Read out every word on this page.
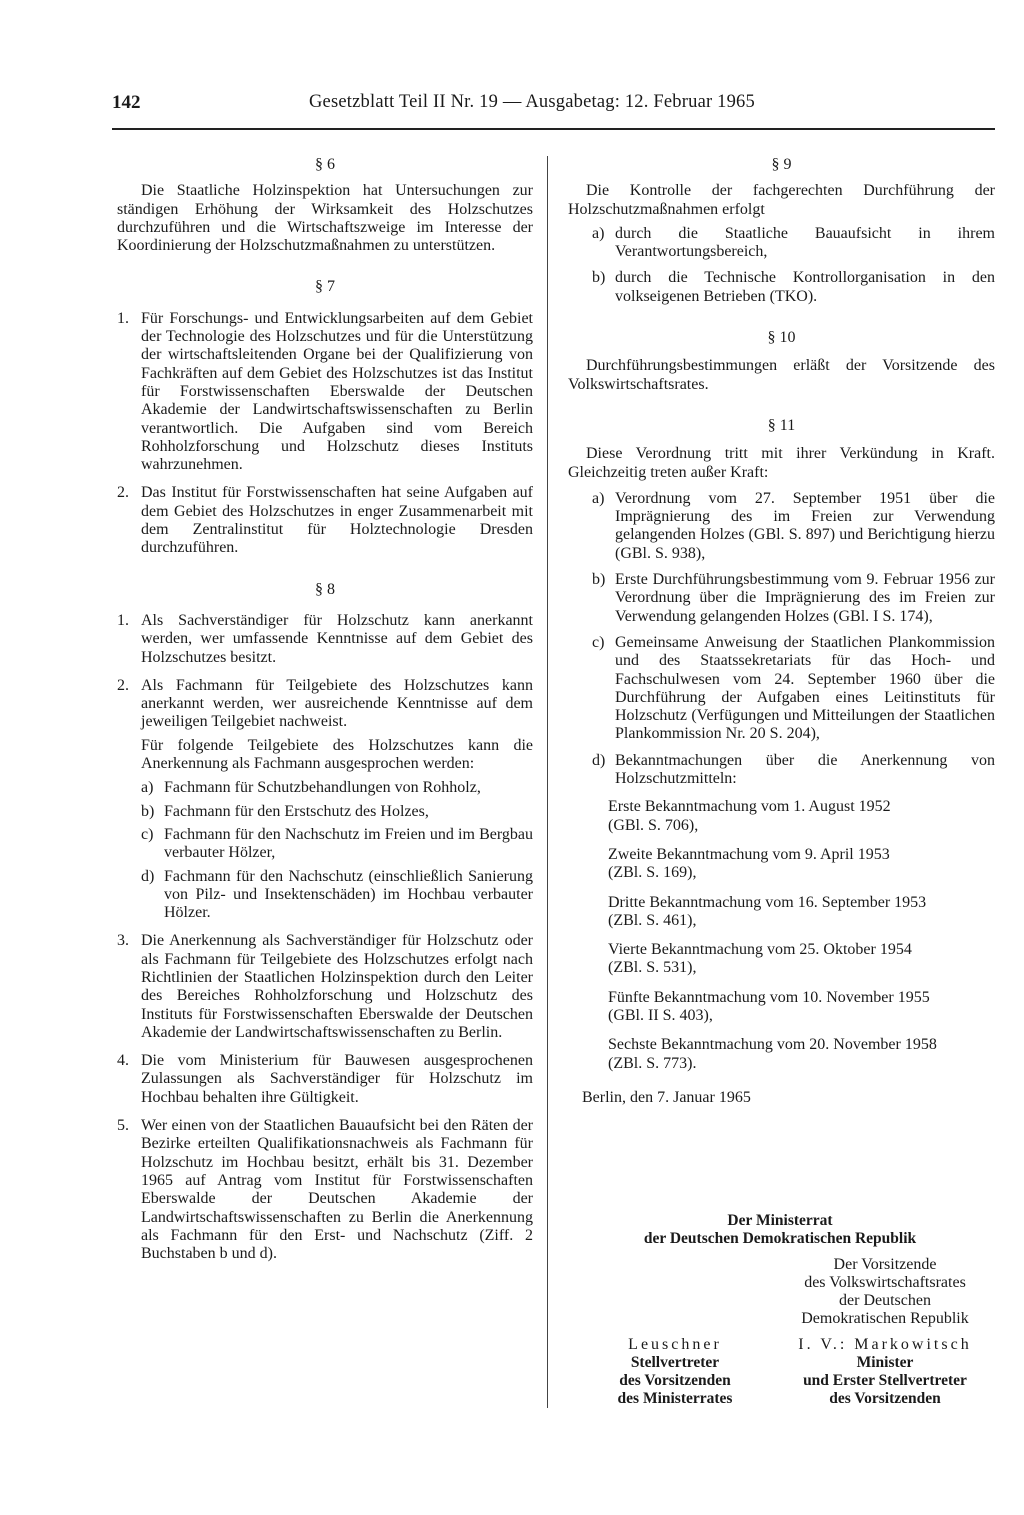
142	Gesetzblatt Teil II Nr. 19 — Ausgabetag: 12. Februar 1965

§ 6

Die Staatliche Holzinspektion hat Untersuchungen zur ständigen Erhöhung der Wirksamkeit des Holzschutzes durchzuführen und die Wirtschaftszweige im Interesse der Koordinierung der Holzschutzmaßnahmen zu unterstützen.

§ 7

1. Für Forschungs- und Entwicklungsarbeiten auf dem Gebiet der Technologie des Holzschutzes und für die Unterstützung der wirtschaftsleitenden Organe bei der Qualifizierung von Fachkräften auf dem Gebiet des Holzschutzes ist das Institut für Forstwissenschaften Eberswalde der Deutschen Akademie der Landwirtschaftswissenschaften zu Berlin verantwortlich. Die Aufgaben sind vom Bereich Rohholzforschung und Holzschutz dieses Instituts wahrzunehmen.
2. Das Institut für Forstwissenschaften hat seine Aufgaben auf dem Gebiet des Holzschutzes in enger Zusammenarbeit mit dem Zentralinstitut für Holztechnologie Dresden durchzuführen.

§ 8

1. Als Sachverständiger für Holzschutz kann anerkannt werden, wer umfassende Kenntnisse auf dem Gebiet des Holzschutzes besitzt.
2. Als Fachmann für Teilgebiete des Holzschutzes kann anerkannt werden, wer ausreichende Kenntnisse auf dem jeweiligen Teilgebiet nachweist.

Für folgende Teilgebiete des Holzschutzes kann die Anerkennung als Fachmann ausgesprochen werden:

a) Fachmann für Schutzbehandlungen von Rohholz,
b) Fachmann für den Erstschutz des Holzes,
c) Fachmann für den Nachschutz im Freien und im Bergbau verbauter Hölzer,
d) Fachmann für den Nachschutz (einschließlich Sanierung von Pilz- und Insektenschäden) im Hochbau verbauter Hölzer.
3. Die Anerkennung als Sachverständiger für Holzschutz oder als Fachmann für Teilgebiete des Holzschutzes erfolgt nach Richtlinien der Staatlichen Holzinspektion durch den Leiter des Bereiches Rohholzforschung und Holzschutz des Instituts für Forstwissenschaften Eberswalde der Deutschen Akademie der Landwirtschaftswissenschaften zu Berlin.
4. Die vom Ministerium für Bauwesen ausgesprochenen Zulassungen als Sachverständiger für Holzschutz im Hochbau behalten ihre Gültigkeit.
5. Wer einen von der Staatlichen Bauaufsicht bei den Räten der Bezirke erteilten Qualifikationsnachweis als Fachmann für Holzschutz im Hochbau besitzt, erhält bis 31. Dezember 1965 auf Antrag vom Institut für Forstwissenschaften Eberswalde der Deutschen Akademie der Landwirtschaftswissenschaften zu Berlin die Anerkennung als Fachmann für den Erst- und Nachschutz (Ziff. 2 Buchstaben b und d).

§ 9

Die Kontrolle der fachgerechten Durchführung der Holzschutzmaßnahmen erfolgt

a) durch die Staatliche Bauaufsicht in ihrem Verantwortungsbereich,
b) durch die Technische Kontrollorganisation in den volkseigenen Betrieben (TKO).

§ 10

Durchführungsbestimmungen erläßt der Vorsitzende des Volkswirtschaftsrates.

§ 11

Diese Verordnung tritt mit ihrer Verkündung in Kraft. Gleichzeitig treten außer Kraft:

a) Verordnung vom 27. September 1951 über die Imprägnierung des im Freien zur Verwendung gelangenden Holzes (GBl. S. 897) und Berichtigung hierzu (GBl. S. 938),
b) Erste Durchführungsbestimmung vom 9. Februar 1956 zur Verordnung über die Imprägnierung des im Freien zur Verwendung gelangenden Holzes (GBl. I S. 174),
c) Gemeinsame Anweisung der Staatlichen Plankommission und des Staatssekretariats für das Hoch- und Fachschulwesen vom 24. September 1960 über die Durchführung der Aufgaben eines Leitinstituts für Holzschutz (Verfügungen und Mitteilungen der Staatlichen Plankommission Nr. 20 S. 204),
d) Bekanntmachungen über die Anerkennung von Holzschutzmitteln:

Erste Bekanntmachung vom 1. August 1952

(GBl. S. 706),

Zweite Bekanntmachung vom 9. April 1953

(ZBl. S. 169),

Dritte Bekanntmachung vom 16. September 1953

(ZBl. S. 461),

Vierte Bekanntmachung vom 25. Oktober 1954

(ZBl. S. 531),

Fünfte Bekanntmachung vom 10. November 1955

(GBl. II S. 403),

Sechste Bekanntmachung vom 20. November 1958

(ZBl. S. 773).

Berlin, den 7. Januar 1965

Der Ministerrat
der Deutschen Demokratischen Republik
Der Vorsitzende
des Volkswirtschaftsrates
der Deutschen
Demokratischen Republik
Leuschner
Stellvertreter
des Vorsitzenden
des Ministerrates
I. V.: Markowitsch
Minister
und Erster Stellvertreter
des Vorsitzenden
